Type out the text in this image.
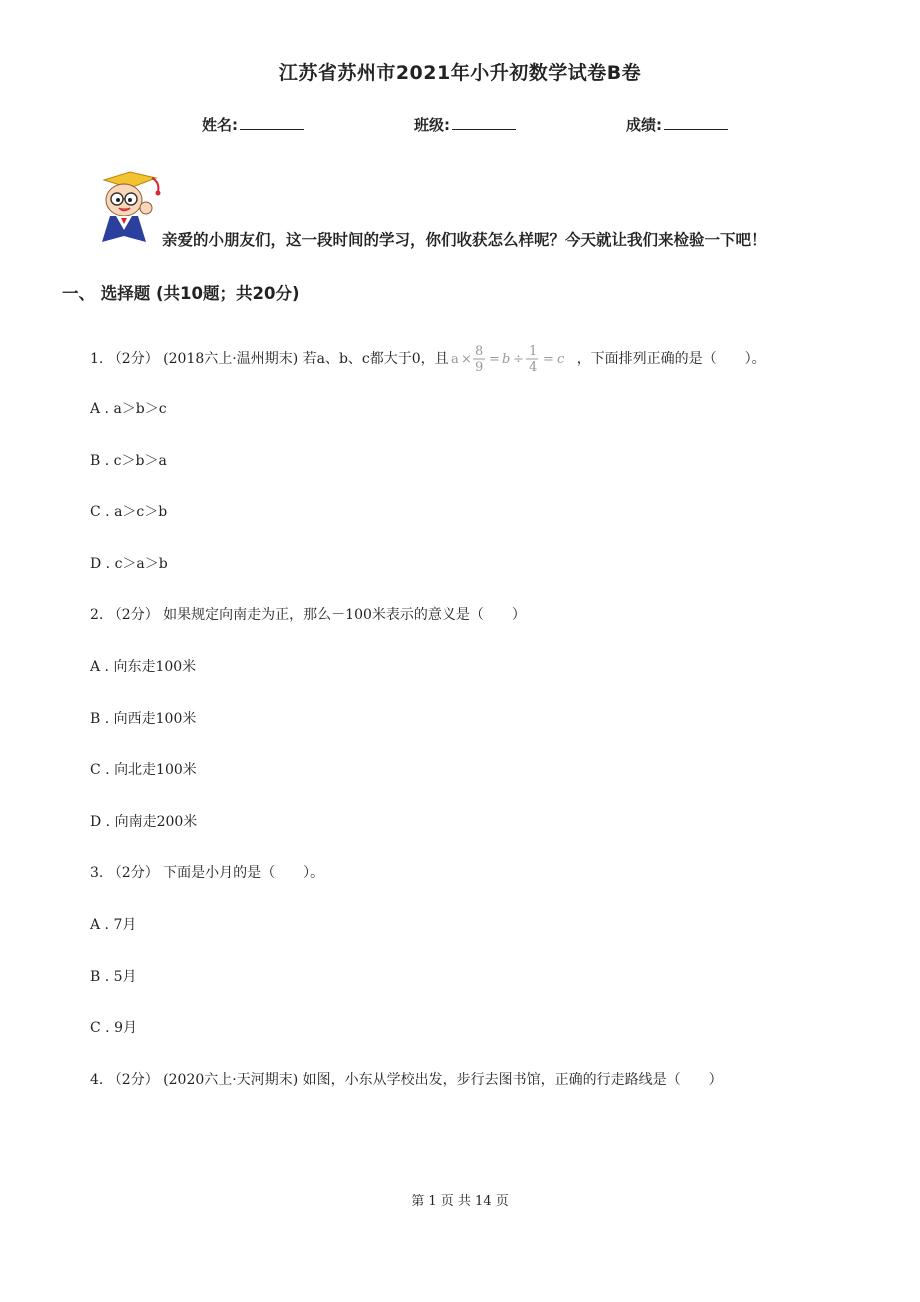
江苏省苏州市2021年小升初数学试卷B卷
姓名:	班级:	成绩:
亲爱的小朋友们，这一段时间的学习，你们收获怎么样呢？今天就让我们来检验一下吧！
一、 选择题 (共10题；共20分)
1. （2分） (2018六上·温州期末) 若a、b、c都大于0，且 a ×
8
9
= b ÷
1
4
= c ，下面排列正确的是（　　）。
A . a＞b＞c
B . c＞b＞a
C . a＞c＞b
D . c＞a＞b
2. （2分） 如果规定向南走为正，那么－100米表示的意义是（　　）
A . 向东走100米
B . 向西走100米
C . 向北走100米
D . 向南走200米
3. （2分） 下面是小月的是（　　）。
A . 7月
B . 5月
C . 9月
4. （2分） (2020六上·天河期末) 如图，小东从学校出发，步行去图书馆，正确的行走路线是（　　）
第 1 页 共 14 页
